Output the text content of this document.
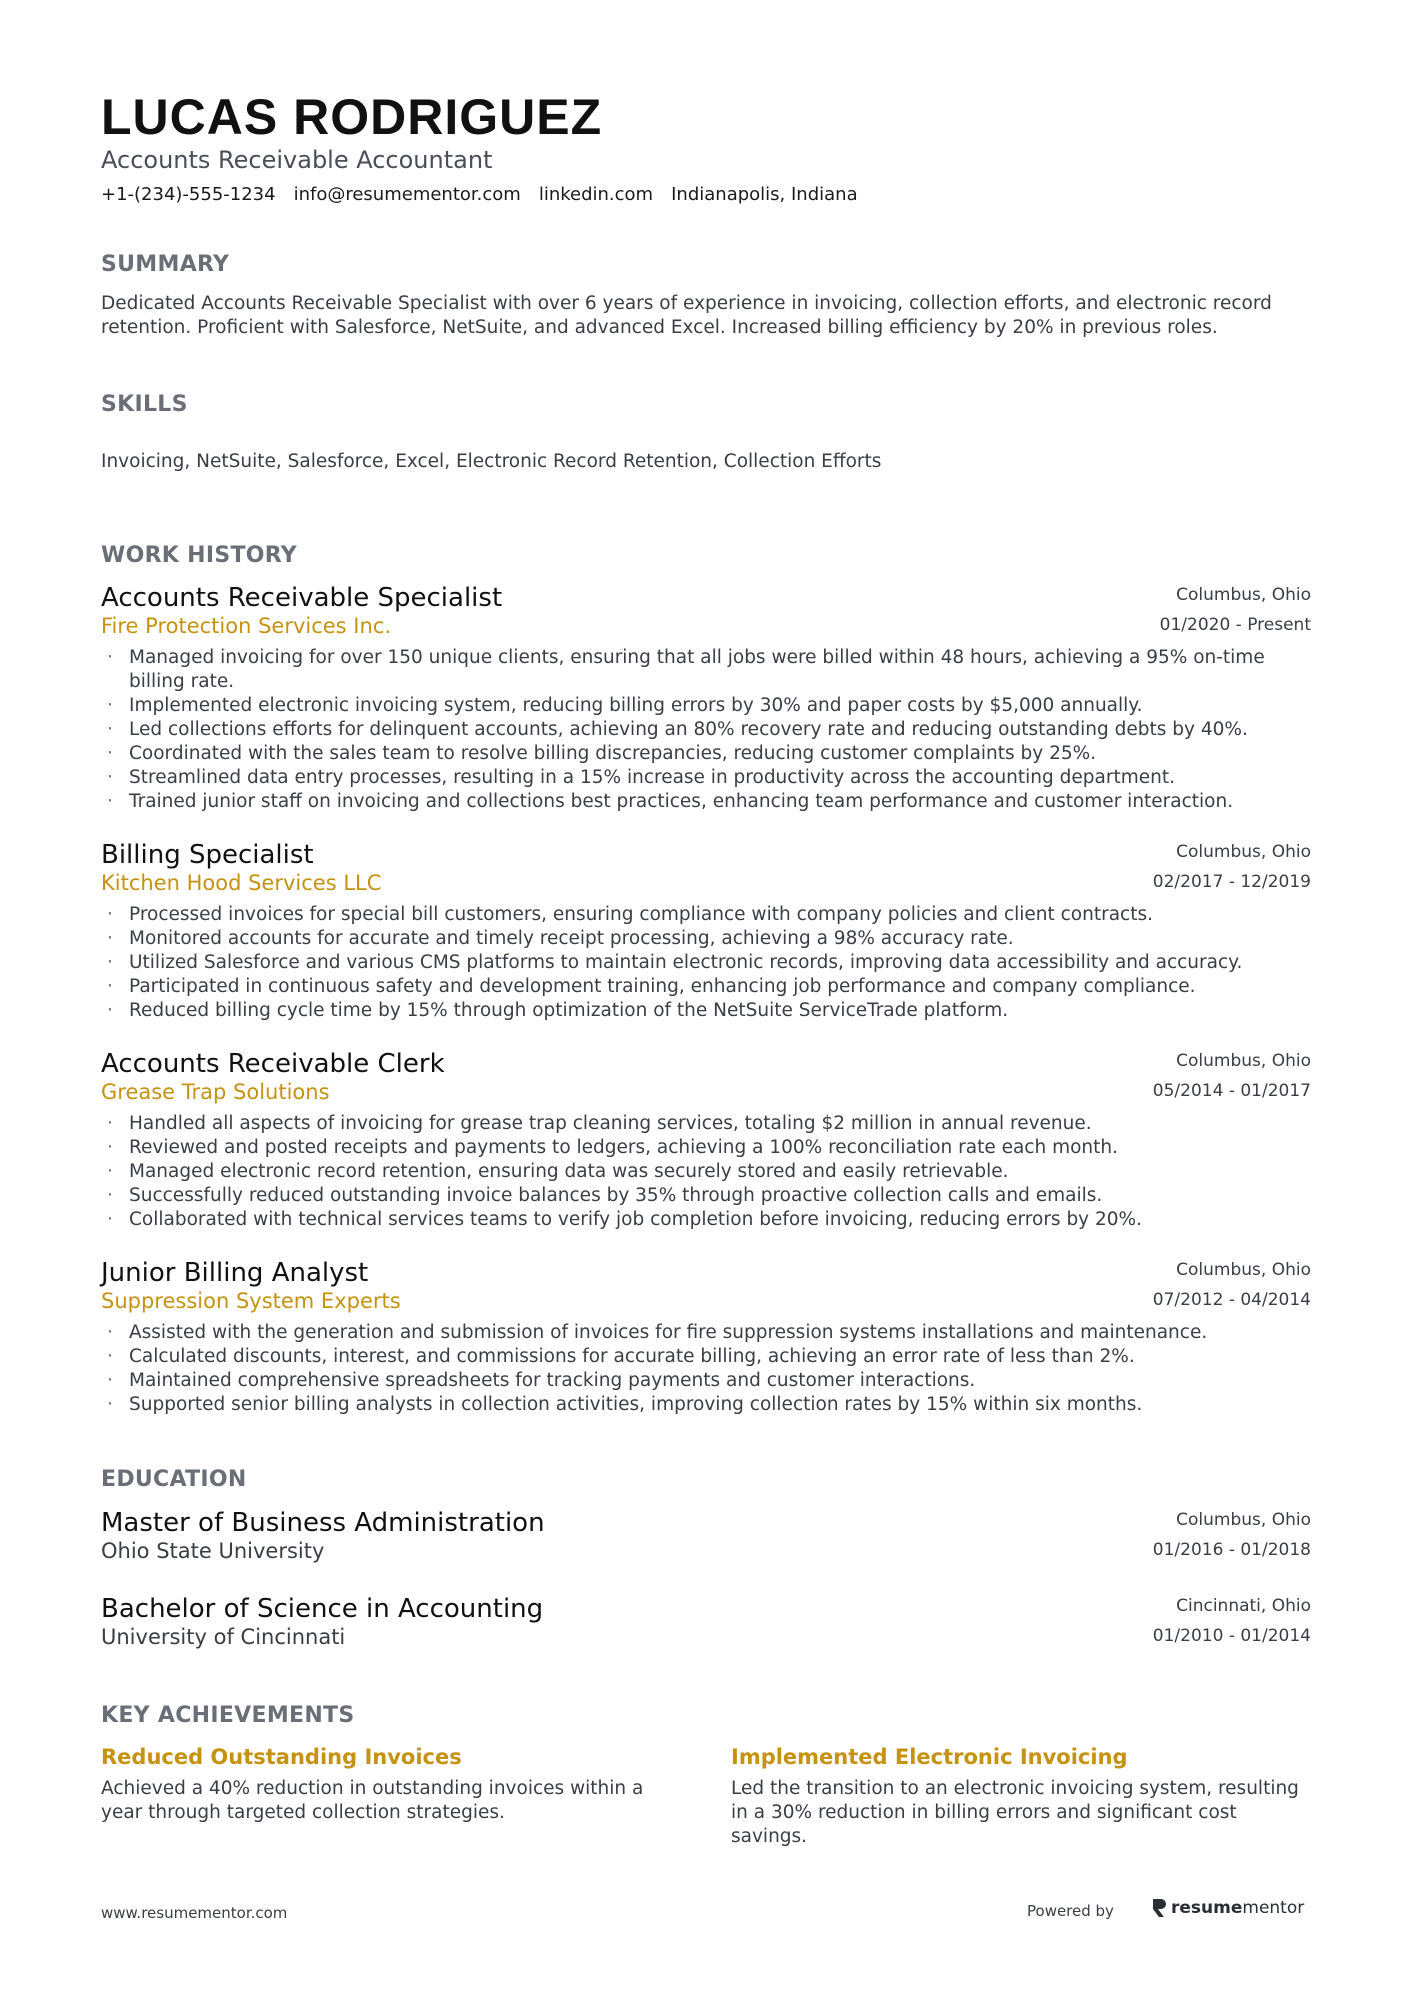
LUCAS RODRIGUEZ
Accounts Receivable Accountant
+1-(234)-555-1234 info@resumementor.com linkedin.com Indianapolis, Indiana
SUMMARY
Dedicated Accounts Receivable Specialist with over 6 years of experience in invoicing, collection efforts, and electronic record retention. Proficient with Salesforce, NetSuite, and advanced Excel. Increased billing efficiency by 20% in previous roles.
SKILLS
Invoicing, NetSuite, Salesforce, Excel, Electronic Record Retention, Collection Efforts
WORK HISTORY
Accounts Receivable Specialist
Fire Protection Services Inc.
Columbus, Ohio
01/2020 - Present
· Managed invoicing for over 150 unique clients, ensuring that all jobs were billed within 48 hours, achieving a 95% on-time billing rate.
· Implemented electronic invoicing system, reducing billing errors by 30% and paper costs by $5,000 annually.
· Led collections efforts for delinquent accounts, achieving an 80% recovery rate and reducing outstanding debts by 40%.
· Coordinated with the sales team to resolve billing discrepancies, reducing customer complaints by 25%.
· Streamlined data entry processes, resulting in a 15% increase in productivity across the accounting department.
· Trained junior staff on invoicing and collections best practices, enhancing team performance and customer interaction.
Billing Specialist
Kitchen Hood Services LLC
Columbus, Ohio
02/2017 - 12/2019
· Processed invoices for special bill customers, ensuring compliance with company policies and client contracts.
· Monitored accounts for accurate and timely receipt processing, achieving a 98% accuracy rate.
· Utilized Salesforce and various CMS platforms to maintain electronic records, improving data accessibility and accuracy.
· Participated in continuous safety and development training, enhancing job performance and company compliance.
· Reduced billing cycle time by 15% through optimization of the NetSuite ServiceTrade platform.
Accounts Receivable Clerk
Grease Trap Solutions
Columbus, Ohio
05/2014 - 01/2017
· Handled all aspects of invoicing for grease trap cleaning services, totaling $2 million in annual revenue.
· Reviewed and posted receipts and payments to ledgers, achieving a 100% reconciliation rate each month.
· Managed electronic record retention, ensuring data was securely stored and easily retrievable.
· Successfully reduced outstanding invoice balances by 35% through proactive collection calls and emails.
· Collaborated with technical services teams to verify job completion before invoicing, reducing errors by 20%.
Junior Billing Analyst
Suppression System Experts
Columbus, Ohio
07/2012 - 04/2014
· Assisted with the generation and submission of invoices for fire suppression systems installations and maintenance.
· Calculated discounts, interest, and commissions for accurate billing, achieving an error rate of less than 2%.
· Maintained comprehensive spreadsheets for tracking payments and customer interactions.
· Supported senior billing analysts in collection activities, improving collection rates by 15% within six months.
EDUCATION
Master of Business Administration
Ohio State University
Columbus, Ohio
01/2016 - 01/2018
Bachelor of Science in Accounting
University of Cincinnati
Cincinnati, Ohio
01/2010 - 01/2014
KEY ACHIEVEMENTS
Reduced Outstanding Invoices
Achieved a 40% reduction in outstanding invoices within a year through targeted collection strategies.
Implemented Electronic Invoicing
Led the transition to an electronic invoicing system, resulting in a 30% reduction in billing errors and significant cost savings.
www.resumementor.com	Powered by	resumementor
